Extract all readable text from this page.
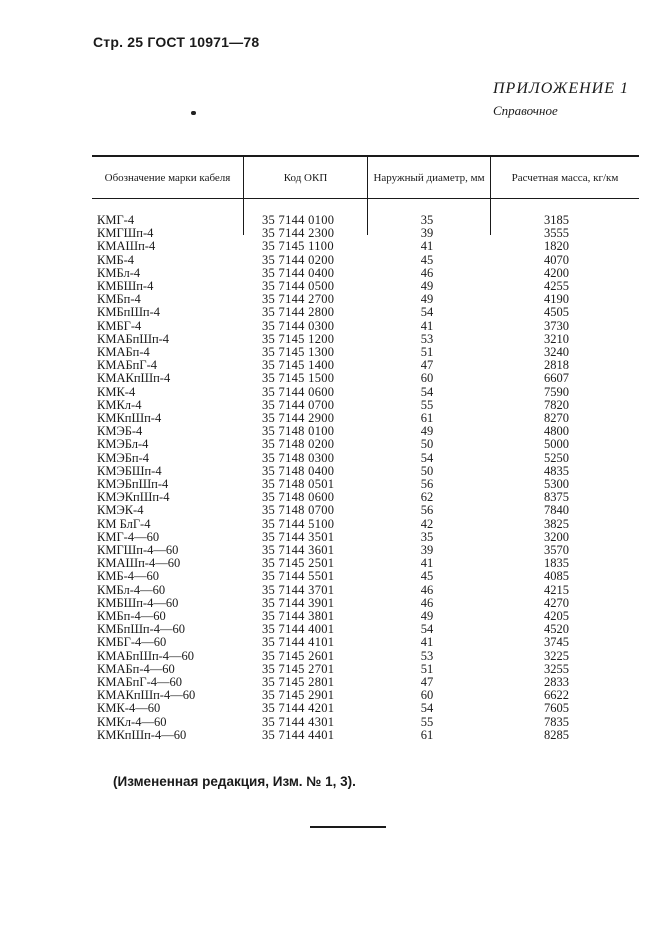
Стр. 25 ГОСТ 10971—78
ПРИЛОЖЕНИЕ 1
Справочное
Обозначение марки кабеля	Код ОКП	Наружный диаметр, мм	Расчетная масса, кг/км
КМГ-4	35 7144 0100	35	3185
КМГШп-4	35 7144 2300	39	3555
КМАШп-4	35 7145 1100	41	1820
КМБ-4	35 7144 0200	45	4070
КМБл-4	35 7144 0400	46	4200
КМБШп-4	35 7144 0500	49	4255
КМБп-4	35 7144 2700	49	4190
КМБпШп-4	35 7144 2800	54	4505
КМБГ-4	35 7144 0300	41	3730
КМАБпШп-4	35 7145 1200	53	3210
КМАБп-4	35 7145 1300	51	3240
КМАБпГ-4	35 7145 1400	47	2818
КМАКпШп-4	35 7145 1500	60	6607
КМК-4	35 7144 0600	54	7590
КМКл-4	35 7144 0700	55	7820
КМКпШп-4	35 7144 2900	61	8270
КМЭБ-4	35 7148 0100	49	4800
КМЭБл-4	35 7148 0200	50	5000
КМЭБп-4	35 7148 0300	54	5250
КМЭБШп-4	35 7148 0400	50	4835
КМЭБпШп-4	35 7148 0501	56	5300
КМЭКпШп-4	35 7148 0600	62	8375
КМЭК-4	35 7148 0700	56	7840
КМ БлГ-4	35 7144 5100	42	3825
КМГ-4—60	35 7144 3501	35	3200
КМГШп-4—60	35 7144 3601	39	3570
КМАШп-4—60	35 7145 2501	41	1835
КМБ-4—60	35 7144 5501	45	4085
КМБл-4—60	35 7144 3701	46	4215
КМБШп-4—60	35 7144 3901	46	4270
КМБп-4—60	35 7144 3801	49	4205
КМБпШп-4—60	35 7144 4001	54	4520
КМБГ-4—60	35 7144 4101	41	3745
КМАБпШп-4—60	35 7145 2601	53	3225
КМАБп-4—60	35 7145 2701	51	3255
КМАБпГ-4—60	35 7145 2801	47	2833
КМАКпШп-4—60	35 7145 2901	60	6622
КМК-4—60	35 7144 4201	54	7605
КМКл-4—60	35 7144 4301	55	7835
КМКпШп-4—60	35 7144 4401	61	8285
(Измененная редакция, Изм. № 1, 3).
